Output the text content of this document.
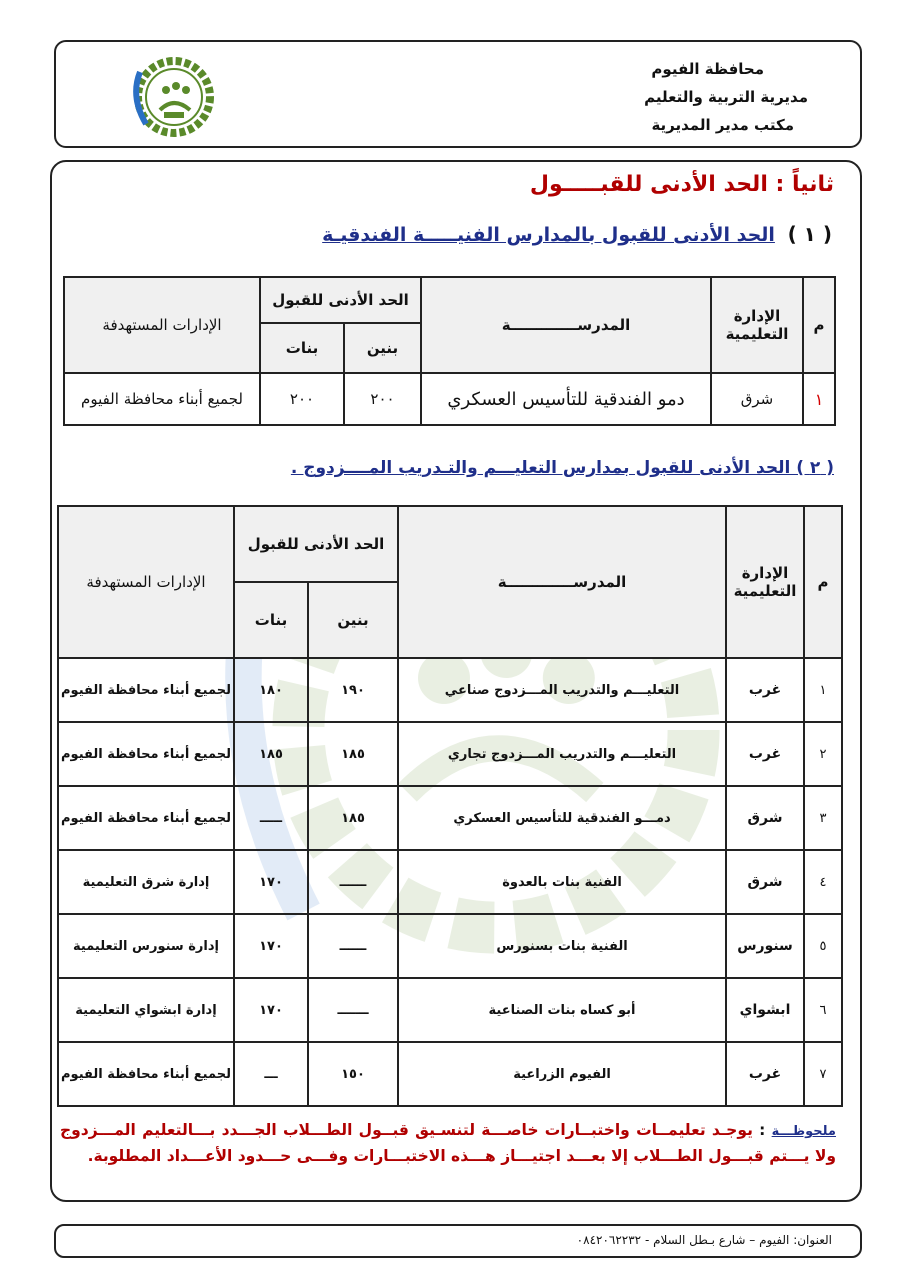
محافظة الفيوم
مديرية التربية والتعليم
مكتب مدير المديرية
ثانياً : الحد الأدنى للقبـــــول
( ١ ) الحد الأدنى للقبول بالمدارس الفنيـــــة الفندقيـة
م	الإدارة التعليمية	المدرســـــــــــــة	الحد الأدنى للقبول		الإدارات المستهدفة
			بنين	بنات	
١	شرق	دمو الفندقية للتأسيس العسكري	٢٠٠	٢٠٠	لجميع أبناء محافظة الفيوم
( ٢ ) الحد الأدنى للقبول بمدارس التعليـــم والتـدريب المــــزدوج .
م	الإدارة التعليمية	المدرســـــــــــــة	الحد الأدنى للقبول		الإدارات المستهدفة
			بنين	بنات	
١	غرب	التعليـــم والتدريب المـــزدوج صناعي	١٩٠	١٨٠	لجميع أبناء محافظة الفيوم
٢	غرب	التعليـــم والتدريب المـــزدوج تجاري	١٨٥	١٨٥	لجميع أبناء محافظة الفيوم
٣	شرق	دمـــو الفندقية للتأسيس العسكري	١٨٥	ـــــ	لجميع أبناء محافظة الفيوم
٤	شرق	الفنية بنات بالعدوة	ــــــ	١٧٠	إدارة شرق التعليمية
٥	سنورس	الفنية بنات بسنورس	ــــــ	١٧٠	إدارة سنورس التعليمية
٦	ابشواي	أبو كساه بنات الصناعية	ـــــــ	١٧٠	إدارة ابشواي التعليمية
٧	غرب	الفيوم الزراعية	١٥٠	ـــ	لجميع أبناء محافظة الفيوم
ملحوظـــة : يوجـد تعليمــات واختبــارات خاصـــة لتنسـيق قبــول الطـــلاب الجـــدد بـــالتعليم المـــزدوج ولا يـــتم قبـــول الطـــلاب إلا بعـــد اجتيـــاز هـــذه الاختبـــارات وفـــى حـــدود الأعـــداد المطلوبة.
العنوان: الفيوم – شارع بـطل السلام - ٠٨٤٢٠٦٢٢٣٢
